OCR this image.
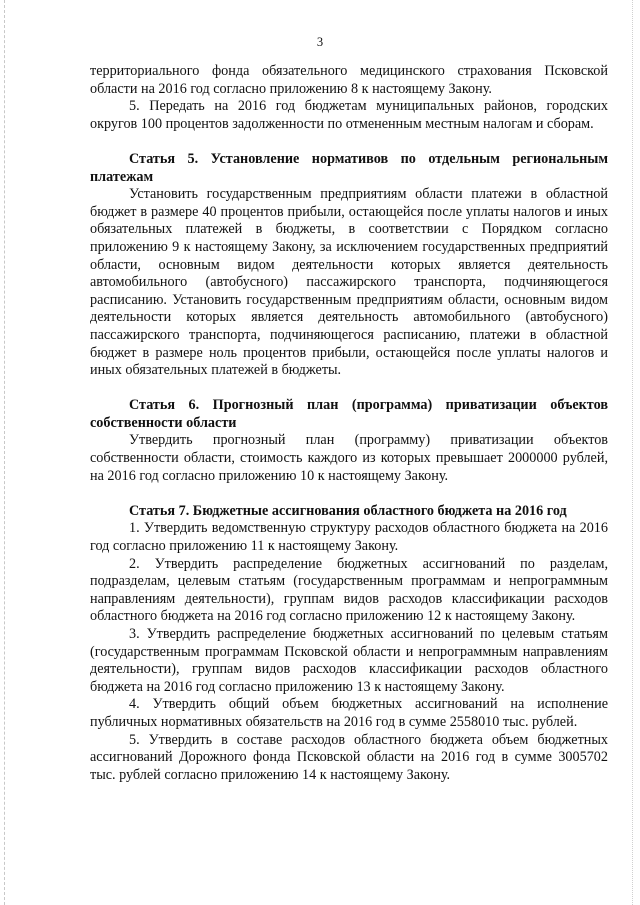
3

территориального фонда обязательного медицинского страхования Псковской области на 2016 год согласно приложению 8 к настоящему Закону.

5. Передать на 2016 год бюджетам муниципальных районов, городских округов 100 процентов задолженности по отмененным местным налогам и сборам.

Статья 5. Установление нормативов по отдельным региональным платежам

Установить государственным предприятиям области платежи в областной бюджет в размере 40 процентов прибыли, остающейся после уплаты налогов и иных обязательных платежей в бюджеты, в соответствии с Порядком согласно приложению 9 к настоящему Закону, за исключением государственных предприятий области, основным видом деятельности которых является деятельность автомобильного (автобусного) пассажирского транспорта, подчиняющегося расписанию. Установить государственным предприятиям области, основным видом деятельности которых является деятельность автомобильного (автобусного) пассажирского транспорта, подчиняющегося расписанию, платежи в областной бюджет в размере ноль процентов прибыли, остающейся после уплаты налогов и иных обязательных платежей в бюджеты.

Статья 6. Прогнозный план (программа) приватизации объектов собственности области

Утвердить прогнозный план (программу) приватизации объектов собственности области, стоимость каждого из которых превышает 2000000 рублей, на 2016 год согласно приложению 10 к настоящему Закону.

Статья 7. Бюджетные ассигнования областного бюджета на 2016 год

1. Утвердить ведомственную структуру расходов областного бюджета на 2016 год согласно приложению 11 к настоящему Закону.

2. Утвердить распределение бюджетных ассигнований по разделам, подразделам, целевым статьям (государственным программам и непрограммным направлениям деятельности), группам видов расходов классификации расходов областного бюджета на 2016 год согласно приложению 12 к настоящему Закону.

3. Утвердить распределение бюджетных ассигнований по целевым статьям (государственным программам Псковской области и непрограммным направлениям деятельности), группам видов расходов классификации расходов областного бюджета на 2016 год согласно приложению 13 к настоящему Закону.

4. Утвердить общий объем бюджетных ассигнований на исполнение публичных нормативных обязательств на 2016 год в сумме 2558010 тыс. рублей.

5. Утвердить в составе расходов областного бюджета объем бюджетных ассигнований Дорожного фонда Псковской области на 2016 год в сумме 3005702 тыс. рублей согласно приложению 14 к настоящему Закону.
